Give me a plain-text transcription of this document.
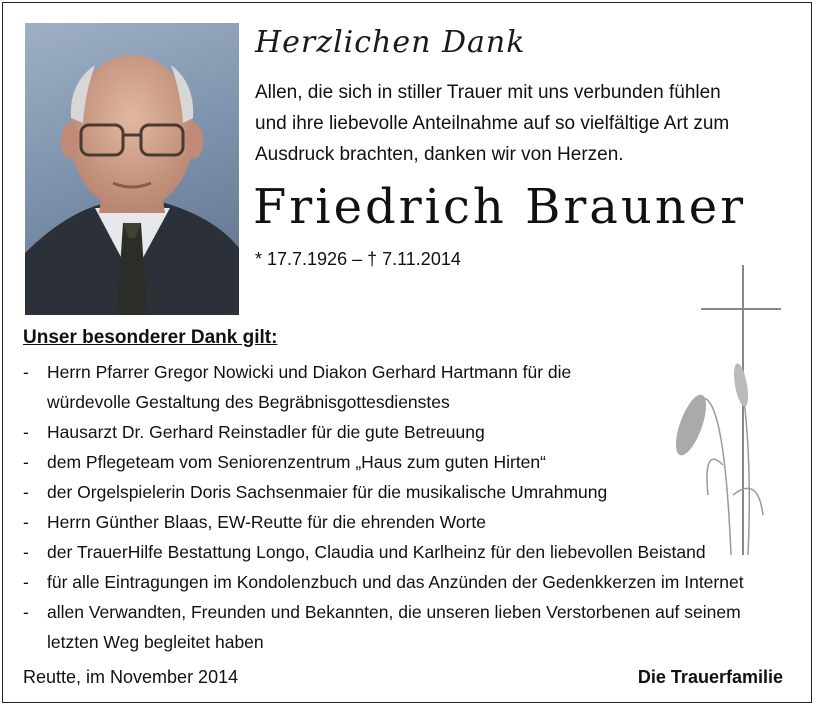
Herzlichen Dank
Allen, die sich in stiller Trauer mit uns verbunden fühlen
und ihre liebevolle Anteilnahme auf so vielfältige Art zum
Ausdruck brachten, danken wir von Herzen.
Friedrich Brauner
* 17.7.1926 – † 7.11.2014
Unser besonderer Dank gilt:
- Herrn Pfarrer Gregor Nowicki und Diakon Gerhard Hartmann für die würdevolle Gestaltung des Begräbnisgottesdienstes
- Hausarzt Dr. Gerhard Reinstadler für die gute Betreuung
- dem Pflegeteam vom Seniorenzentrum „Haus zum guten Hirten“
- der Orgelspielerin Doris Sachsenmaier für die musikalische Umrahmung
- Herrn Günther Blaas, EW-Reutte für die ehrenden Worte
- der TrauerHilfe Bestattung Longo, Claudia und Karlheinz für den liebevollen Beistand
- für alle Eintragungen im Kondolenzbuch und das Anzünden der Gedenkkerzen im Internet
- allen Verwandten, Freunden und Bekannten, die unseren lieben Verstorbenen auf seinem letzten Weg begleitet haben
Reutte, im November 2014	Die Trauerfamilie
